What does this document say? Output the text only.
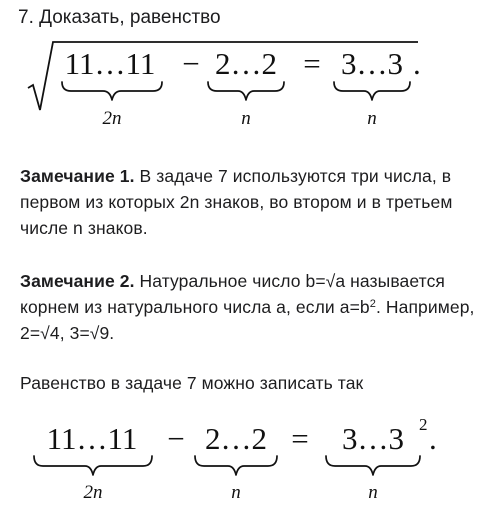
7. Доказать, равенство
11…11
2n
− 2…2
n
= 3…3
n
.
Замечание 1. В задаче 7 используются три числа, в первом из которых 2n знаков, во втором и в третьем числе n знаков.
Замечание 2. Натуральное число b=√a называется корнем из натурального числа a, если $a=b^2$. Например, 2=√4, 3=√9.
Равенство в задаче 7 можно записать так
11…11
2n
− 2…2
n
= 3…3
n
2 .
